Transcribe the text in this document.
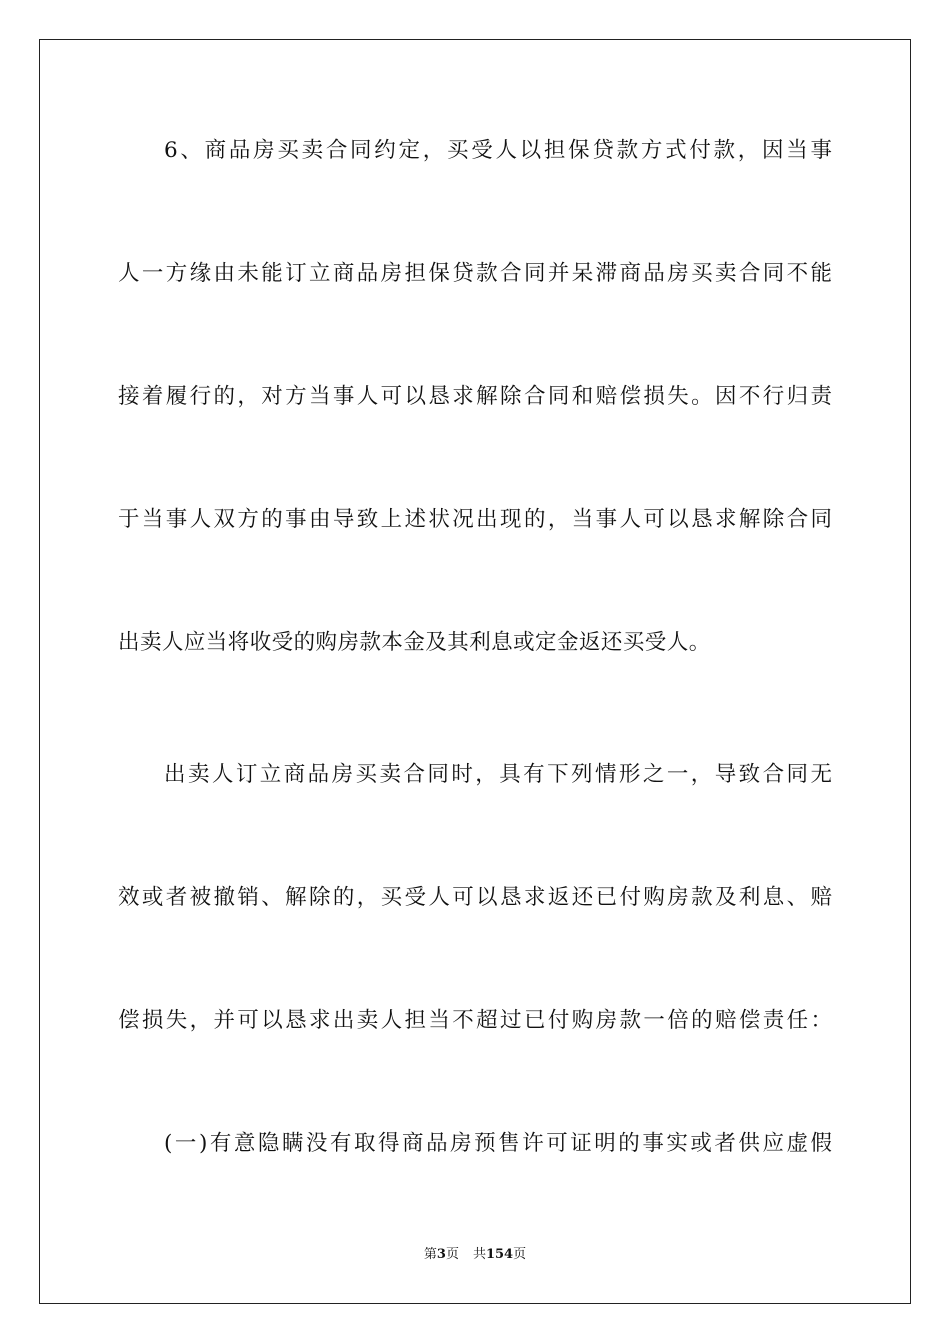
6、商品房买卖合同约定，买受人以担保贷款方式付款，因当事
人一方缘由未能订立商品房担保贷款合同并呆滞商品房买卖合同不能
接着履行的，对方当事人可以恳求解除合同和赔偿损失。因不行归责
于当事人双方的事由导致上述状况出现的，当事人可以恳求解除合同
出卖人应当将收受的购房款本金及其利息或定金返还买受人。
出卖人订立商品房买卖合同时，具有下列情形之一，导致合同无
效或者被撤销、解除的，买受人可以恳求返还已付购房款及利息、赔
偿损失，并可以恳求出卖人担当不超过已付购房款一倍的赔偿责任：
(一)有意隐瞒没有取得商品房预售许可证明的事实或者供应虚假
第3页 共154页
